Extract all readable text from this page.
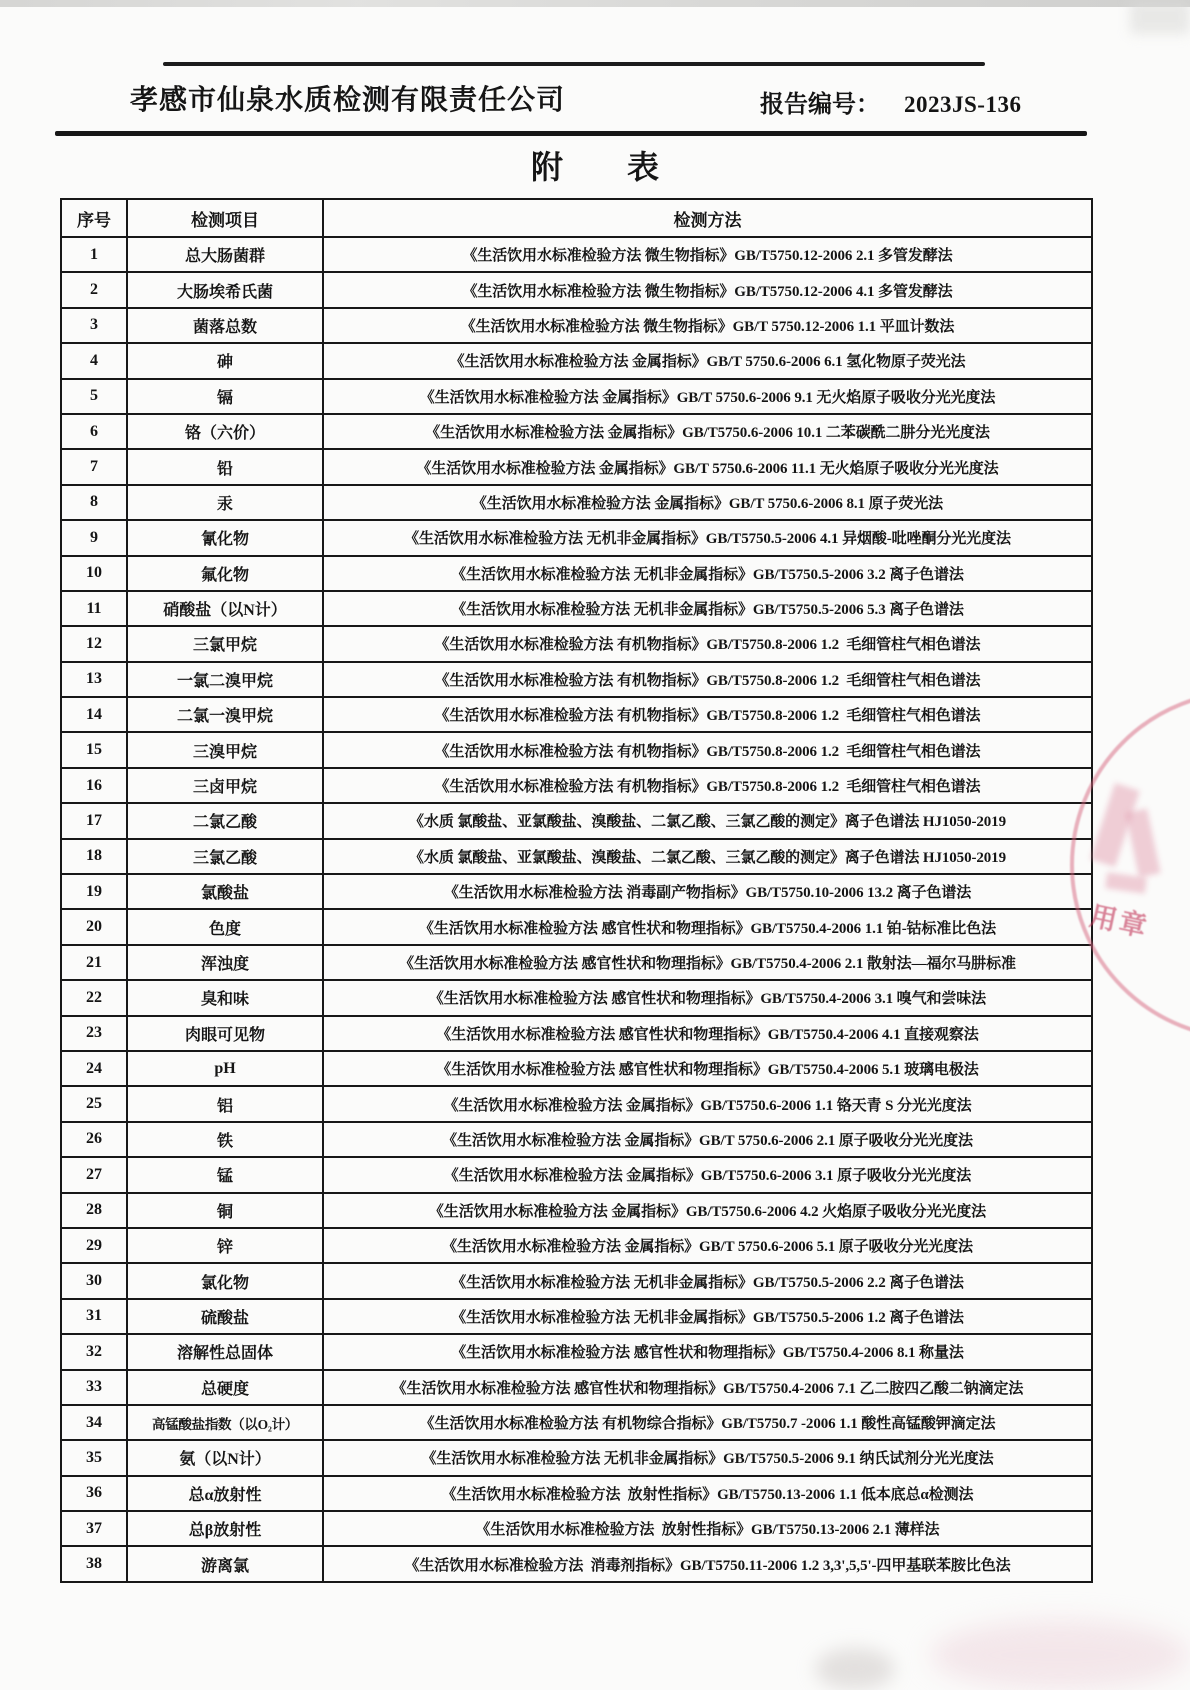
孝感市仙泉水质检测有限责任公司	报告编号： 2023JS-136
附　　表
序号	检测项目	检测方法
1	总大肠菌群	《生活饮用水标准检验方法 微生物指标》GB/T5750.12-2006 2.1 多管发酵法
2	大肠埃希氏菌	《生活饮用水标准检验方法 微生物指标》GB/T5750.12-2006 4.1 多管发酵法
3	菌落总数	《生活饮用水标准检验方法 微生物指标》GB/T 5750.12-2006 1.1 平皿计数法
4	砷	《生活饮用水标准检验方法 金属指标》GB/T 5750.6-2006 6.1 氢化物原子荧光法
5	镉	《生活饮用水标准检验方法 金属指标》GB/T 5750.6-2006 9.1 无火焰原子吸收分光光度法
6	铬（六价）	《生活饮用水标准检验方法 金属指标》GB/T5750.6-2006 10.1 二苯碳酰二肼分光光度法
7	铅	《生活饮用水标准检验方法 金属指标》GB/T 5750.6-2006 11.1 无火焰原子吸收分光光度法
8	汞	《生活饮用水标准检验方法 金属指标》GB/T 5750.6-2006 8.1 原子荧光法
9	氰化物	《生活饮用水标准检验方法 无机非金属指标》GB/T5750.5-2006 4.1 异烟酸-吡唑酮分光光度法
10	氟化物	《生活饮用水标准检验方法 无机非金属指标》GB/T5750.5-2006 3.2 离子色谱法
11	硝酸盐（以N计）	《生活饮用水标准检验方法 无机非金属指标》GB/T5750.5-2006 5.3 离子色谱法
12	三氯甲烷	《生活饮用水标准检验方法 有机物指标》GB/T5750.8-2006 1.2  毛细管柱气相色谱法
13	一氯二溴甲烷	《生活饮用水标准检验方法 有机物指标》GB/T5750.8-2006 1.2  毛细管柱气相色谱法
14	二氯一溴甲烷	《生活饮用水标准检验方法 有机物指标》GB/T5750.8-2006 1.2  毛细管柱气相色谱法
15	三溴甲烷	《生活饮用水标准检验方法 有机物指标》GB/T5750.8-2006 1.2  毛细管柱气相色谱法
16	三卤甲烷	《生活饮用水标准检验方法 有机物指标》GB/T5750.8-2006 1.2  毛细管柱气相色谱法
17	二氯乙酸	《水质 氯酸盐、亚氯酸盐、溴酸盐、二氯乙酸、三氯乙酸的测定》离子色谱法 HJ1050-2019
18	三氯乙酸	《水质 氯酸盐、亚氯酸盐、溴酸盐、二氯乙酸、三氯乙酸的测定》离子色谱法 HJ1050-2019
19	氯酸盐	《生活饮用水标准检验方法 消毒副产物指标》GB/T5750.10-2006 13.2 离子色谱法
20	色度	《生活饮用水标准检验方法 感官性状和物理指标》GB/T5750.4-2006 1.1 铂-钴标准比色法
21	浑浊度	《生活饮用水标准检验方法 感官性状和物理指标》GB/T5750.4-2006 2.1 散射法—福尔马肼标准
22	臭和味	《生活饮用水标准检验方法 感官性状和物理指标》GB/T5750.4-2006 3.1 嗅气和尝味法
23	肉眼可见物	《生活饮用水标准检验方法 感官性状和物理指标》GB/T5750.4-2006 4.1 直接观察法
24	pH	《生活饮用水标准检验方法 感官性状和物理指标》GB/T5750.4-2006 5.1 玻璃电极法
25	铝	《生活饮用水标准检验方法 金属指标》GB/T5750.6-2006 1.1 铬天青 S 分光光度法
26	铁	《生活饮用水标准检验方法 金属指标》GB/T 5750.6-2006 2.1 原子吸收分光光度法
27	锰	《生活饮用水标准检验方法 金属指标》GB/T5750.6-2006 3.1 原子吸收分光光度法
28	铜	《生活饮用水标准检验方法 金属指标》GB/T5750.6-2006 4.2 火焰原子吸收分光光度法
29	锌	《生活饮用水标准检验方法 金属指标》GB/T 5750.6-2006 5.1 原子吸收分光光度法
30	氯化物	《生活饮用水标准检验方法 无机非金属指标》GB/T5750.5-2006 2.2 离子色谱法
31	硫酸盐	《生活饮用水标准检验方法 无机非金属指标》GB/T5750.5-2006 1.2 离子色谱法
32	溶解性总固体	《生活饮用水标准检验方法 感官性状和物理指标》GB/T5750.4-2006 8.1 称量法
33	总硬度	《生活饮用水标准检验方法 感官性状和物理指标》GB/T5750.4-2006 7.1 乙二胺四乙酸二钠滴定法
34	高锰酸盐指数（以O₂计）	《生活饮用水标准检验方法 有机物综合指标》GB/T5750.7 -2006 1.1 酸性高锰酸钾滴定法
35	氨（以N计）	《生活饮用水标准检验方法 无机非金属指标》GB/T5750.5-2006 9.1 纳氏试剂分光光度法
36	总α放射性	《生活饮用水标准检验方法  放射性指标》GB/T5750.13-2006 1.1 低本底总α检测法
37	总β放射性	《生活饮用水标准检验方法  放射性指标》GB/T5750.13-2006 2.1 薄样法
38	游离氯	《生活饮用水标准检验方法  消毒剂指标》GB/T5750.11-2006 1.2 3,3',5,5'-四甲基联苯胺比色法
用章
